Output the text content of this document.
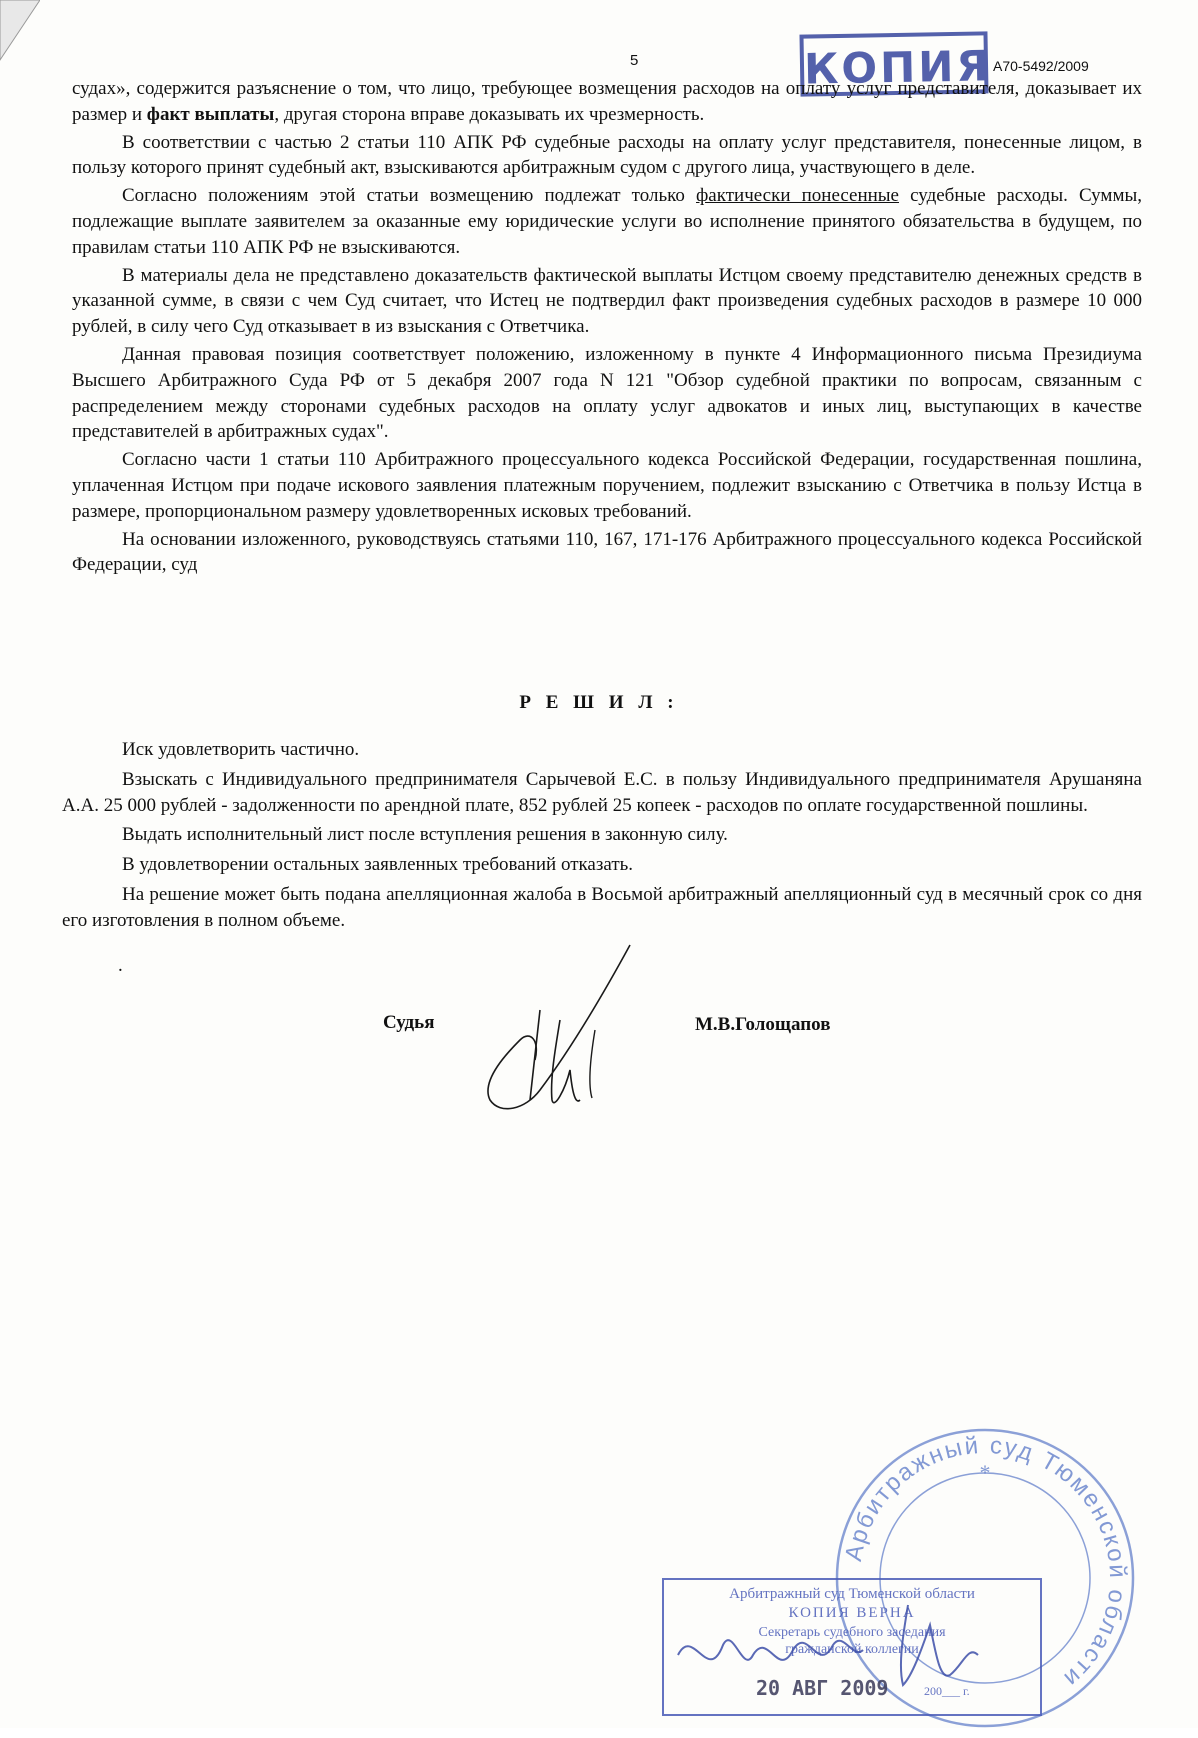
5	КОПИЯ А70-5492/2009

судах», содержится разъяснение о том, что лицо, требующее возмещения расходов на оплату услуг представителя, доказывает их размер и факт выплаты, другая сторона вправе доказывать их чрезмерность.

В соответствии с частью 2 статьи 110 АПК РФ судебные расходы на оплату услуг представителя, понесенные лицом, в пользу которого принят судебный акт, взыскиваются арбитражным судом с другого лица, участвующего в деле.

Согласно положениям этой статьи возмещению подлежат только фактически понесенные судебные расходы. Суммы, подлежащие выплате заявителем за оказанные ему юридические услуги во исполнение принятого обязательства в будущем, по правилам статьи 110 АПК РФ не взыскиваются.

В материалы дела не представлено доказательств фактической выплаты Истцом своему представителю денежных средств в указанной сумме, в связи с чем Суд считает, что Истец не подтвердил факт произведения судебных расходов в размере 10 000 рублей, в силу чего Суд отказывает в из взыскания с Ответчика.

Данная правовая позиция соответствует положению, изложенному в пункте 4 Информационного письма Президиума Высшего Арбитражного Суда РФ от 5 декабря 2007 года N 121 "Обзор судебной практики по вопросам, связанным с распределением между сторонами судебных расходов на оплату услуг адвокатов и иных лиц, выступающих в качестве представителей в арбитражных судах".

Согласно части 1 статьи 110 Арбитражного процессуального кодекса Российской Федерации, государственная пошлина, уплаченная Истцом при подаче искового заявления платежным поручением, подлежит взысканию с Ответчика в пользу Истца в размере, пропорциональном размеру удовлетворенных исковых требований.

На основании изложенного, руководствуясь статьями 110, 167, 171-176 Арбитражного процессуального кодекса Российской Федерации, суд

Р Е Ш И Л :

Иск удовлетворить частично.

Взыскать с Индивидуального предпринимателя Сарычевой Е.С. в пользу Индивидуального предпринимателя Арушаняна А.А. 25 000 рублей - задолженности по арендной плате, 852 рублей 25 копеек - расходов по оплате государственной пошлины.

Выдать исполнительный лист после вступления решения в законную силу.

В удовлетворении остальных заявленных требований отказать.

На решение может быть подана апелляционная жалоба в Восьмой арбитражный апелляционный суд в месячный срок со дня его изготовления в полном объеме.

.
Судья	М.В.Голощапов
Арбитражный суд Тюменской области
*
Арбитражный суд Тюменской области
КОПИЯ ВЕРНА
Секретарь судебного заседания
гражданской коллегии
20 АВГ 2009	200___ г.
